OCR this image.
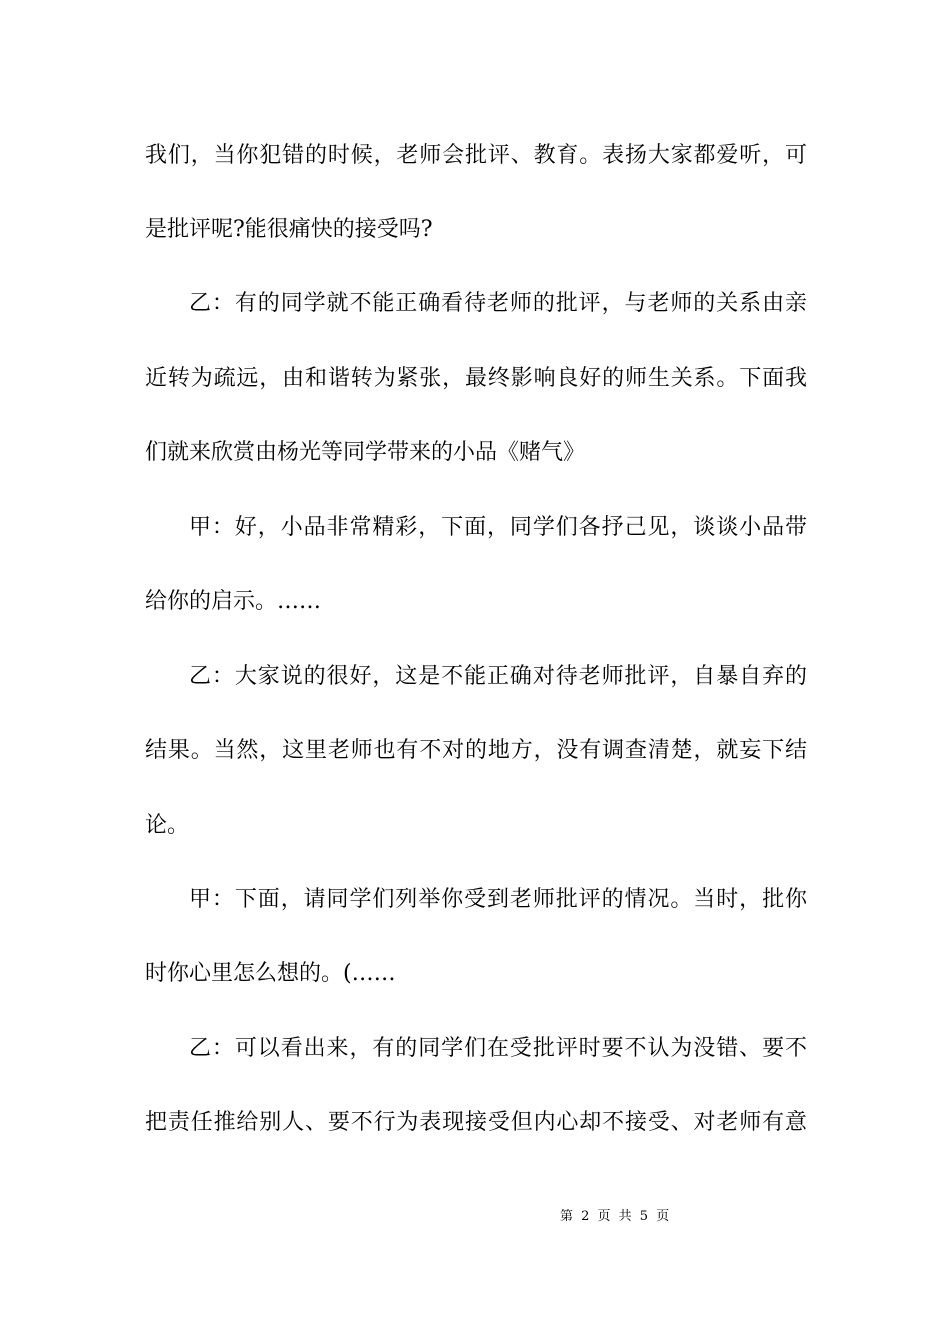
我们，当你犯错的时候，老师会批评、教育。表扬大家都爱听，可
是批评呢?能很痛快的接受吗?
乙：有的同学就不能正确看待老师的批评，与老师的关系由亲
近转为疏远，由和谐转为紧张，最终影响良好的师生关系。下面我
们就来欣赏由杨光等同学带来的小品《赌气》
甲：好，小品非常精彩，下面，同学们各抒己见，谈谈小品带
给你的启示。……
乙：大家说的很好，这是不能正确对待老师批评，自暴自弃的
结果。当然，这里老师也有不对的地方，没有调查清楚，就妄下结
论。
甲：下面，请同学们列举你受到老师批评的情况。当时，批你
时你心里怎么想的。(……
乙：可以看出来，有的同学们在受批评时要不认为没错、要不
把责任推给别人、要不行为表现接受但内心却不接受、对老师有意
第 2 页 共 5 页
